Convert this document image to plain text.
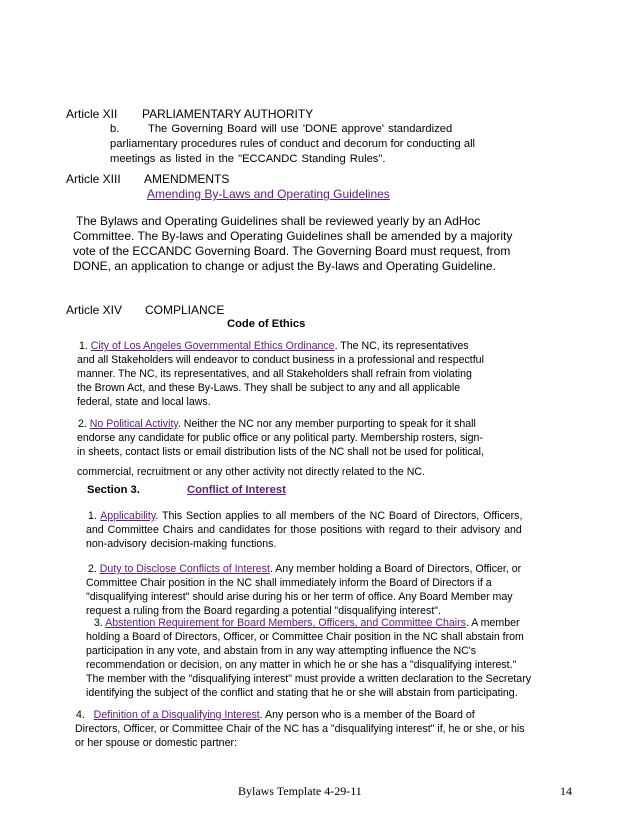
Article XII PARLIAMENTARY AUTHORITY
b.	The Governing Board will use 'DONE approve' standardized
parliamentary procedures rules of conduct and decorum for conducting all
meetings as listed in the "ECCANDC Standing Rules".
Article XIII AMENDMENTS
Amending By-Laws and Operating Guidelines
The Bylaws and Operating Guidelines shall be reviewed yearly by an AdHoc
Committee. The By-laws and Operating Guidelines shall be amended by a majority
vote of the ECCANDC Governing Board. The Governing Board must request, from
DONE, an application to change or adjust the By-laws and Operating Guideline.
Article XIV COMPLIANCE
Code of Ethics
1. City of Los Angeles Governmental Ethics Ordinance. The NC, its representatives
and all Stakeholders will endeavor to conduct business in a professional and respectful
manner. The NC, its representatives, and all Stakeholders shall refrain from violating
the Brown Act, and these By-Laws. They shall be subject to any and all applicable
federal, state and local laws.
2. No Political Activity. Neither the NC nor any member purporting to speak for it shall
endorse any candidate for public office or any political party. Membership rosters, sign-
in sheets, contact lists or email distribution lists of the NC shall not be used for political,
commercial, recruitment or any other activity not directly related to the NC.
Section 3.	Conflict of Interest
1. Applicability. This Section applies to all members of the NC Board of Directors, Officers,
and Committee Chairs and candidates for those positions with regard to their advisory and
non-advisory decision-making functions.
2. Duty to Disclose Conflicts of Interest. Any member holding a Board of Directors, Officer, or
Committee Chair position in the NC shall immediately inform the Board of Directors if a
"disqualifying interest" should arise during his or her term of office. Any Board Member may
request a ruling from the Board regarding a potential "disqualifying interest".
3. Abstention Requirement for Board Members, Officers, and Committee Chairs. A member
holding a Board of Directors, Officer, or Committee Chair position in the NC shall abstain from
participation in any vote, and abstain from in any way attempting influence the NC's
recommendation or decision, on any matter in which he or she has a "disqualifying interest."
The member with the "disqualifying interest" must provide a written declaration to the Secretary
identifying the subject of the conflict and stating that he or she will abstain from participating.
4.   Definition of a Disqualifying Interest. Any person who is a member of the Board of
Directors, Officer, or Committee Chair of the NC has a "disqualifying interest" if, he or she, or his
or her spouse or domestic partner:
Bylaws Template 4-29-11	14
